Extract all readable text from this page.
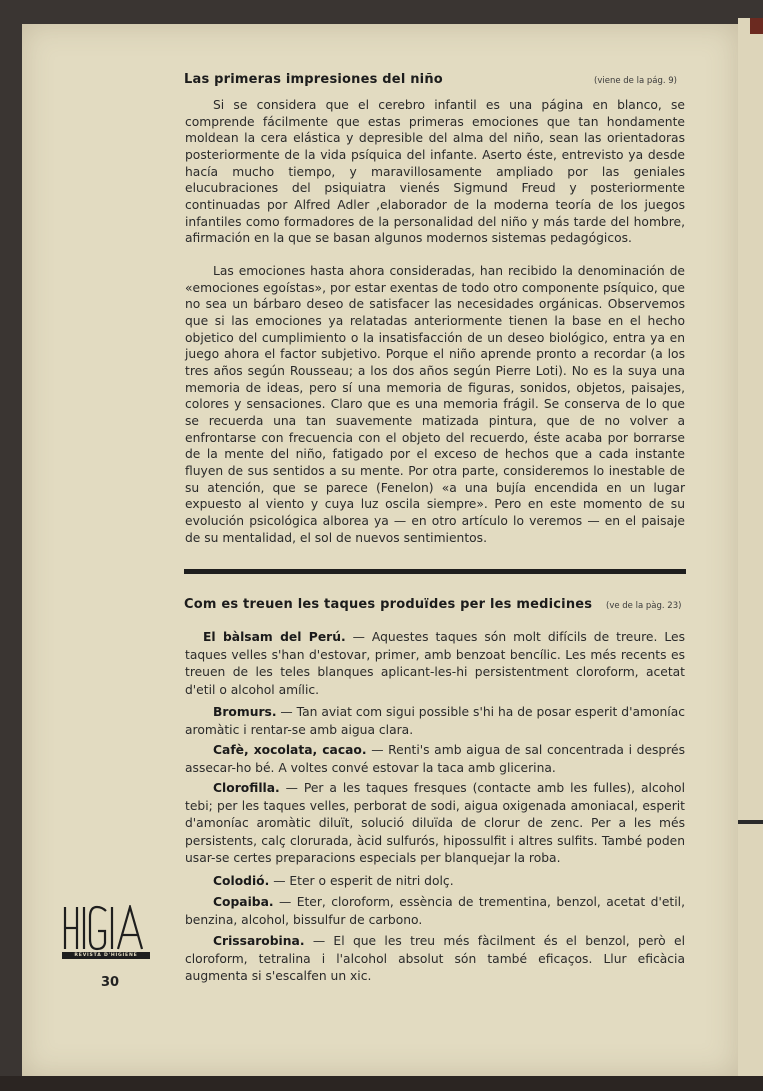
Las primeras impresiones del niño	(viene de la pág. 9)

Si se considera que el cerebro infantil es una página en blanco, se comprende fácilmente que estas primeras emociones que tan hondamente moldean la cera elástica y depresible del alma del niño, sean las orientadoras posteriormente de la vida psíquica del infante. Aserto éste, entrevisto ya desde hacía mucho tiempo, y maravillosamente ampliado por las geniales elucubraciones del psiquiatra vienés Sigmund Freud y posteriormente continuadas por Alfred Adler ,elaborador de la moderna teoría de los juegos infantiles como formadores de la personalidad del niño y más tarde del hombre, afirmación en la que se basan algunos modernos sistemas pedagógicos.

Las emociones hasta ahora consideradas, han recibido la denominación de «emociones egoístas», por estar exentas de todo otro componente psíquico, que no sea un bárbaro deseo de satisfacer las necesidades orgánicas. Observemos que si las emociones ya relatadas anteriormente tienen la base en el hecho objetico del cumplimiento o la insatisfacción de un deseo biológico, entra ya en juego ahora el factor subjetivo. Porque el niño aprende pronto a recordar (a los tres años según Rousseau; a los dos años según Pierre Loti). No es la suya una memoria de ideas, pero sí una memoria de figuras, sonidos, objetos, paisajes, colores y sensaciones. Claro que es una memoria frágil. Se conserva de lo que se recuerda una tan suavemente matizada pintura, que de no volver a enfrontarse con frecuencia con el objeto del recuerdo, éste acaba por borrarse de la mente del niño, fatigado por el exceso de hechos que a cada instante fluyen de sus sentidos a su mente. Por otra parte, consideremos lo inestable de su atención, que se parece (Fenelon) «a una bujía encendida en un lugar expuesto al viento y cuya luz oscila siempre». Pero en este momento de su evolución psicológica alborea ya — en otro artículo lo veremos — en el paisaje de su mentalidad, el sol de nuevos sentimientos.

Com es treuen les taques produïdes per les medicines (ve de la pàg. 23)

El bàlsam del Perú. — Aquestes taques són molt difícils de treure. Les taques velles s'han d'estovar, primer, amb benzoat bencílic. Les més recents es treuen de les teles blanques aplicant-les-hi persistentment cloroform, acetat d'etil o alcohol amílic.

Bromurs. — Tan aviat com sigui possible s'hi ha de posar esperit d'amoníac aromàtic i rentar-se amb aigua clara.

Cafè, xocolata, cacao. — Renti's amb aigua de sal concentrada i després assecar-ho bé. A voltes convé estovar la taca amb glicerina.

Clorofilla. — Per a les taques fresques (contacte amb les fulles), alcohol tebi; per les taques velles, perborat de sodi, aigua oxigenada amoniacal, esperit d'amoníac aromàtic diluït, solució diluïda de clorur de zenc. Per a les més persistents, calç clorurada, àcid sulfurós, hipossulfit i altres sulfits. També poden usar-se certes preparacions especials per blanquejar la roba.

Colodió. — Eter o esperit de nitri dolç.

Copaiba. — Eter, cloroform, essència de trementina, benzol, acetat d'etil, benzina, alcohol, bissulfur de carbono.

Crissarobina. — El que les treu més fàcilment és el benzol, però el cloroform, tetralina i l'alcohol absolut són també eficaços. Llur eficàcia augmenta si s'escalfen un xic.

REVISTA D'HIGIENE
30
